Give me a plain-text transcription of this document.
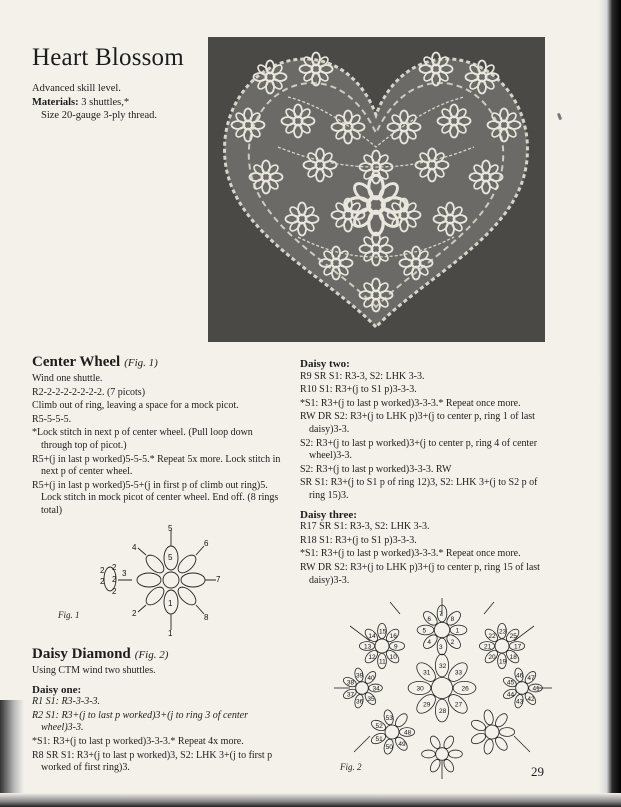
Heart Blossom
Advanced skill level.
Materials: 3 shuttles,*
Size 20-gauge 3-ply thread.
Center Wheel (Fig. 1)
Wind one shuttle.
R2-2-2-2-2-2-2-2. (7 picots)
Climb out of ring, leaving a space for a mock picot.
R5-5-5-5.
*Lock stitch in next p of center wheel. (Pull loop down through top of picot.)
R5+(j in last p worked)5-5-5.* Repeat 5x more. Lock stitch in next p of center wheel.
R5+(j in last p worked)5-5+(j in first p of climb out ring)5. Lock stitch in mock picot of center wheel. End off. (8 rings total)
5
4	6
7
8
1
2
5
1
2
2
2
2
2
3
Fig. 1
Daisy Diamond (Fig. 2)
Using CTM wind two shuttles.
Daisy one:
R1 S1: R3-3-3-3.
R2 S1: R3+(j to last p worked)3+(j to ring 3 of center wheel)3-3.
*S1: R3+(j to last p worked)3-3-3.* Repeat 4x more.
R8 SR S1: R3+(j to last p worked)3, S2: LHK 3+(j to first p worked of first ring)3.
Daisy two:
R9 SR S1: R3-3, S2: LHK 3-3.
R10 S1: R3+(j to S1 p)3-3-3.
*S1: R3+(j to last p worked)3-3-3.* Repeat once more.
RW DR S2: R3+(j to LHK p)3+(j to center p, ring 1 of last daisy)3-3.
S2: R3+(j to last p worked)3+(j to center p, ring 4 of center wheel)3-3.
S2: R3+(j to last p worked)3-3-3. RW
SR S1: R3+(j to S1 p of ring 12)3, S2: LHK 3+(j to S2 p of ring 15)3.
Daisy three:
R17 SR S1: R3-3, S2: LHK 3-3.
R18 S1: R3+(j to S1 p)3-3-3.
*S1: R3+(j to last p worked)3-3-3.* Repeat once more.
RW DR S2: R3+(j to LHK p)3+(j to center p, ring 15 of last daisy)3-3.
1
2
3
4
5
6
7
8
9
10
11
12
13
14
15
16
17
18
19
20
21
22
23
25
26
27
28
29
30
31
32
33
34
35
36
37
38
39 40
41
42
43
44
45
46 47
48
49
50
51
52
53
Fig. 2	29
